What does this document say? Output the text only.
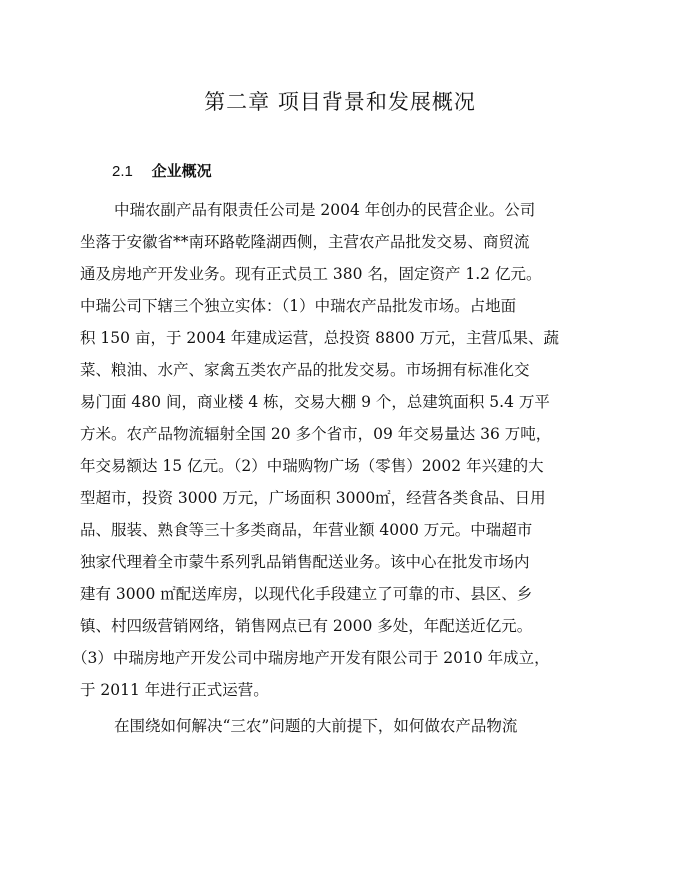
第二章 项目背景和发展概况
2.1 企业概况
中瑞农副产品有限责任公司是 2004 年创办的民营企业。公司
坐落于安徽省**南环路乾隆湖西侧，主营农产品批发交易、商贸流
通及房地产开发业务。现有正式员工 380 名，固定资产 1.2 亿元。
中瑞公司下辖三个独立实体：（1）中瑞农产品批发市场。占地面
积 150 亩，于 2004 年建成运营，总投资 8800 万元，主营瓜果、蔬
菜、粮油、水产、家禽五类农产品的批发交易。市场拥有标准化交
易门面 480 间，商业楼 4 栋，交易大棚 9 个，总建筑面积 5.4 万平
方米。农产品物流辐射全国 20 多个省市，09 年交易量达 36 万吨，
年交易额达 15 亿元。（2）中瑞购物广场（零售）2002 年兴建的大
型超市，投资 3000 万元，广场面积 3000㎡，经营各类食品、日用
品、服装、熟食等三十多类商品，年营业额 4000 万元。中瑞超市
独家代理着全市蒙牛系列乳品销售配送业务。该中心在批发市场内
建有 3000 ㎡配送库房，以现代化手段建立了可靠的市、县区、乡
镇、村四级营销网络，销售网点已有 2000 多处，年配送近亿元。
（3）中瑞房地产开发公司中瑞房地产开发有限公司于 2010 年成立，
于 2011 年进行正式运营。
在围绕如何解决“三农”问题的大前提下，如何做农产品物流
